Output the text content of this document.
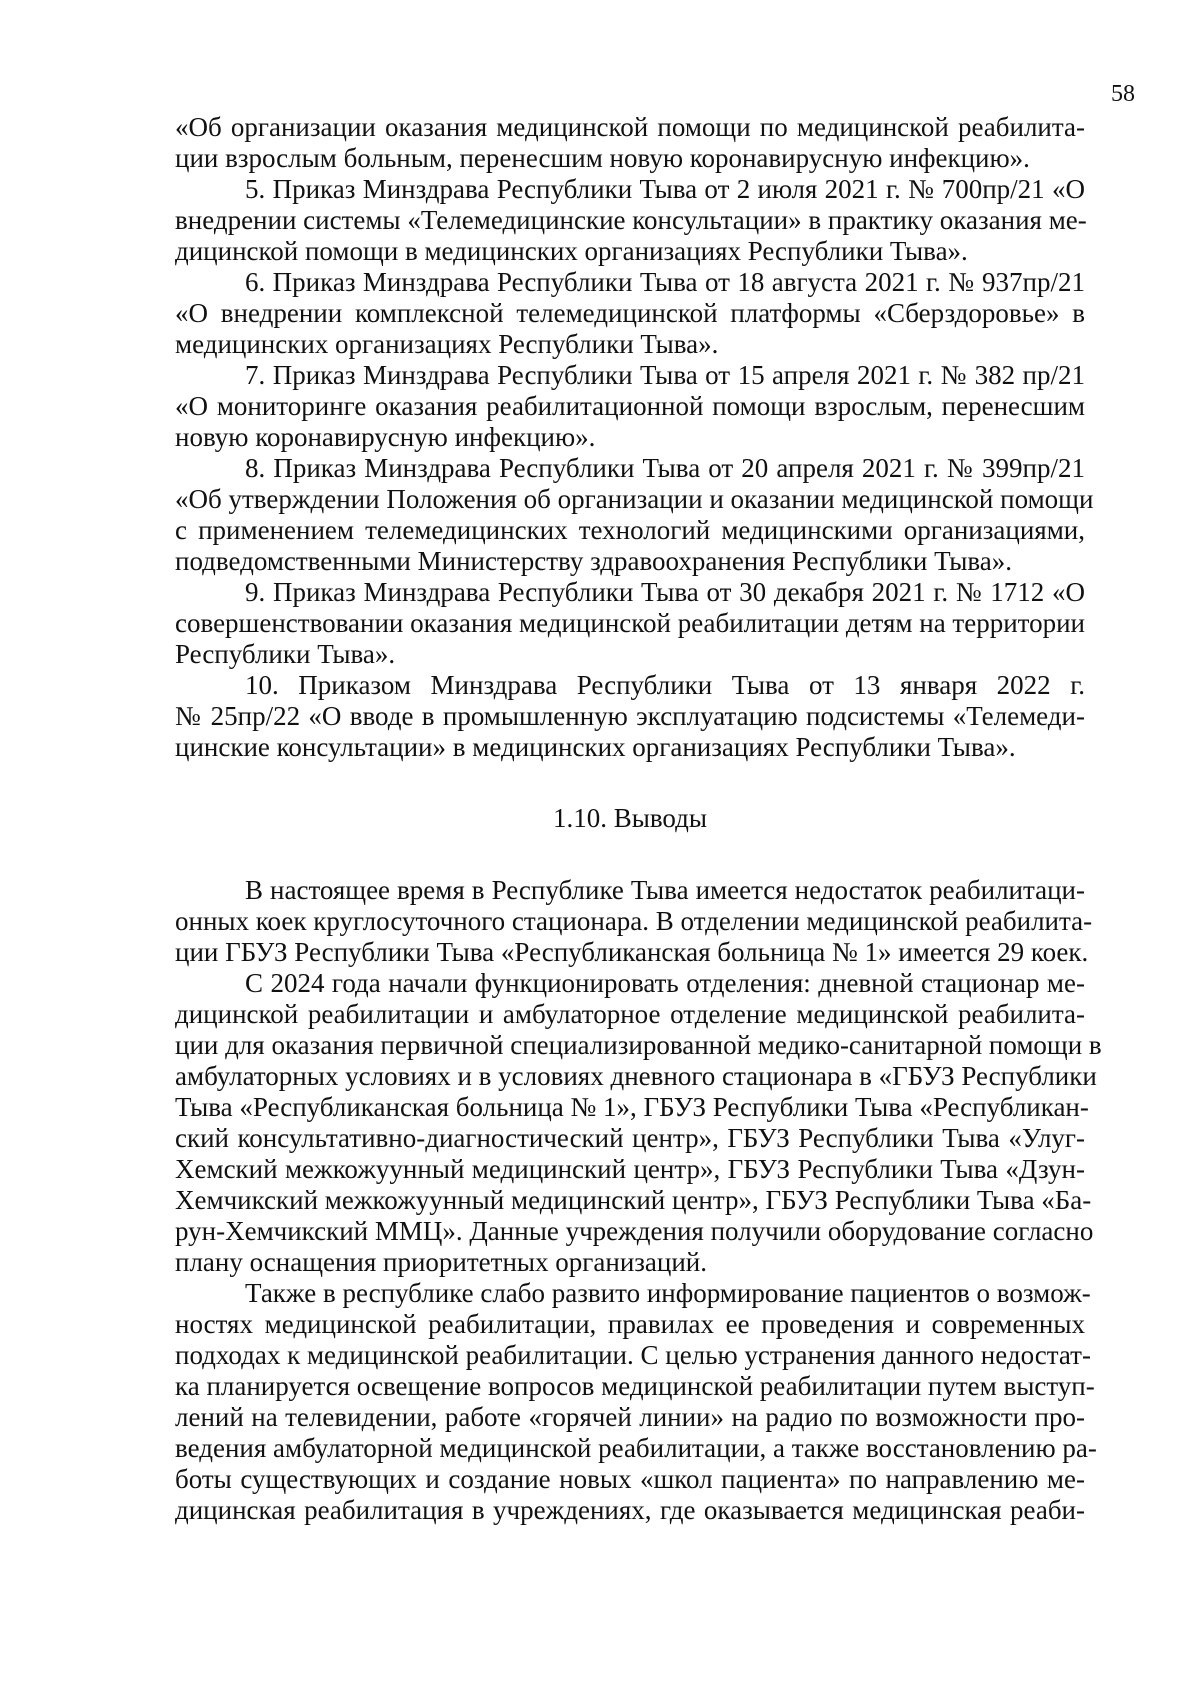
58
«Об организации оказания медицинской помощи по медицинской реабилита-
ции взрослым больным, перенесшим новую коронавирусную инфекцию».
5. Приказ Минздрава Республики Тыва от 2 июля 2021 г. № 700пр/21 «О
внедрении системы «Телемедицинские консультации» в практику оказания ме-
дицинской помощи в медицинских организациях Республики Тыва».
6. Приказ Минздрава Республики Тыва от 18 августа 2021 г. № 937пр/21
«О внедрении комплексной телемедицинской платформы «Сберздоровье» в
медицинских организациях Республики Тыва».
7. Приказ Минздрава Республики Тыва от 15 апреля 2021 г. № 382 пр/21
«О мониторинге оказания реабилитационной помощи взрослым, перенесшим
новую коронавирусную инфекцию».
8. Приказ Минздрава Республики Тыва от 20 апреля 2021 г. № 399пр/21
«Об утверждении Положения об организации и оказании медицинской помощи
с применением телемедицинских технологий медицинскими организациями,
подведомственными Министерству здравоохранения Республики Тыва».
9. Приказ Минздрава Республики Тыва от 30 декабря 2021 г. № 1712 «О
совершенствовании оказания медицинской реабилитации детям на территории
Республики Тыва».
10. Приказом Минздрава Республики Тыва от 13 января 2022 г.
№ 25пр/22 «О вводе в промышленную эксплуатацию подсистемы «Телемеди-
цинские консультации» в медицинских организациях Республики Тыва».
1.10. Выводы
В настоящее время в Республике Тыва имеется недостаток реабилитаци-
онных коек круглосуточного стационара. В отделении медицинской реабилита-
ции ГБУЗ Республики Тыва «Республиканская больница № 1» имеется 29 коек.
С 2024 года начали функционировать отделения: дневной стационар ме-
дицинской реабилитации и амбулаторное отделение медицинской реабилита-
ции для оказания первичной специализированной медико-санитарной помощи в
амбулаторных условиях и в условиях дневного стационара в «ГБУЗ Республики
Тыва «Республиканская больница № 1», ГБУЗ Республики Тыва «Республикан-
ский консультативно-диагностический центр», ГБУЗ Республики Тыва «Улуг-
Хемский межкожуунный медицинский центр», ГБУЗ Республики Тыва «Дзун-
Хемчикский межкожуунный медицинский центр», ГБУЗ Республики Тыва «Ба-
рун-Хемчикский ММЦ». Данные учреждения получили оборудование согласно
плану оснащения приоритетных организаций.
Также в республике слабо развито информирование пациентов о возмож-
ностях медицинской реабилитации, правилах ее проведения и современных
подходах к медицинской реабилитации. С целью устранения данного недостат-
ка планируется освещение вопросов медицинской реабилитации путем выступ-
лений на телевидении, работе «горячей линии» на радио по возможности про-
ведения амбулаторной медицинской реабилитации, а также восстановлению ра-
боты существующих и создание новых «школ пациента» по направлению ме-
дицинская реабилитация в учреждениях, где оказывается медицинская реаби-
